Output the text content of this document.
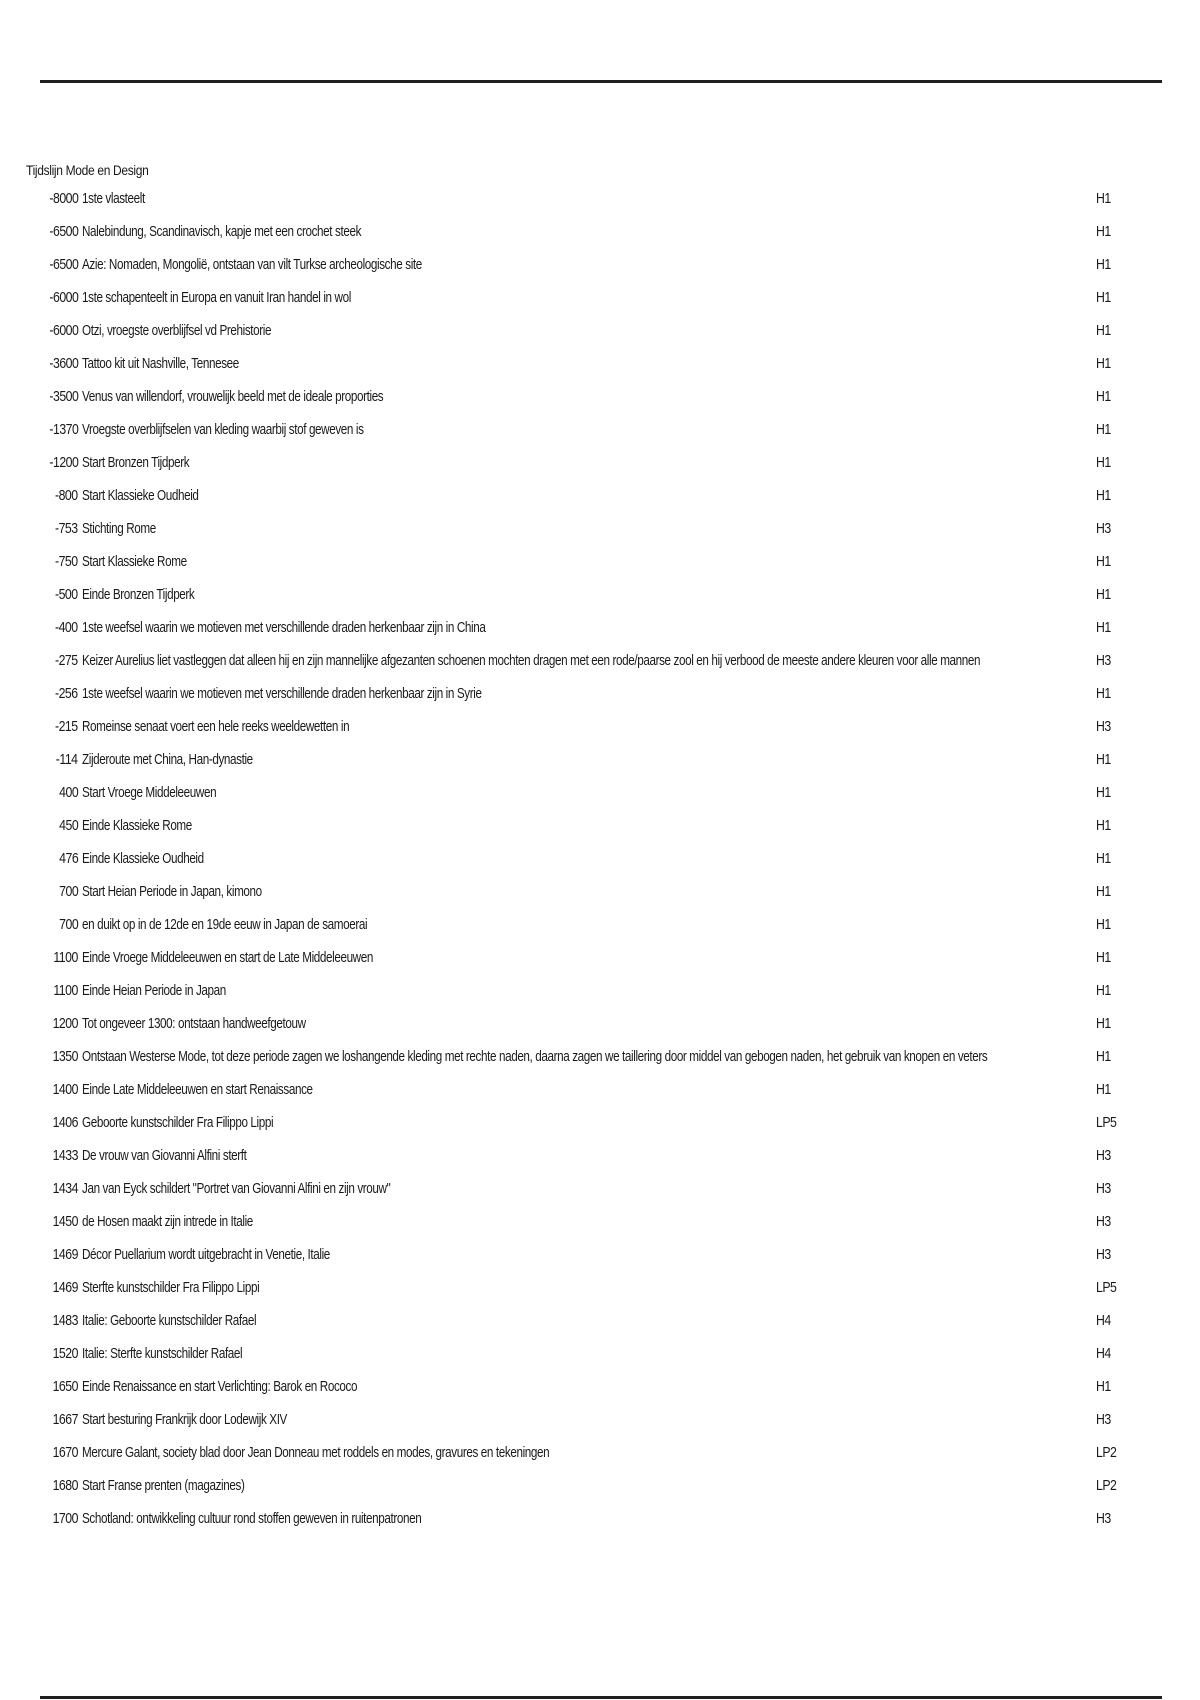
Tijdslijn Mode en Design
-8000 1ste vlasteelt	H1
-6500 Nalebindung, Scandinavisch, kapje met een crochet steek	H1
-6500 Azie: Nomaden, Mongolië, ontstaan van vilt Turkse archeologische site	H1
-6000 1ste schapenteelt in Europa en vanuit Iran handel in wol	H1
-6000 Otzi, vroegste overblijfsel vd Prehistorie	H1
-3600 Tattoo kit uit Nashville, Tennesee	H1
-3500 Venus van willendorf, vrouwelijk beeld met de ideale proporties	H1
-1370 Vroegste overblijfselen van kleding waarbij stof geweven is	H1
-1200 Start Bronzen Tijdperk	H1
-800 Start Klassieke Oudheid	H1
-753 Stichting Rome	H3
-750 Start Klassieke Rome	H1
-500 Einde Bronzen Tijdperk	H1
-400 1ste weefsel waarin we motieven met verschillende draden herkenbaar zijn in China	H1
-275 Keizer Aurelius liet vastleggen dat alleen hij en zijn mannelijke afgezanten schoenen mochten dragen met een rode/paarse zool en hij verbood de meeste andere kleuren voor alle mannen	H3
-256 1ste weefsel waarin we motieven met verschillende draden herkenbaar zijn in Syrie	H1
-215 Romeinse senaat voert een hele reeks weeldewetten in	H3
-114 Zijderoute met China, Han-dynastie	H1
400 Start Vroege Middeleeuwen	H1
450 Einde Klassieke Rome	H1
476 Einde Klassieke Oudheid	H1
700 Start Heian Periode in Japan, kimono	H1
700 en duikt op in de 12de en 19de eeuw in Japan de samoerai	H1
1100 Einde Vroege Middeleeuwen en start de Late Middeleeuwen	H1
1100 Einde Heian Periode in Japan	H1
1200 Tot ongeveer 1300: ontstaan handweefgetouw	H1
1350 Ontstaan Westerse Mode, tot deze periode zagen we loshangende kleding met rechte naden, daarna zagen we taillering door middel van gebogen naden, het gebruik van knopen en veters	H1
1400 Einde Late Middeleeuwen en start Renaissance	H1
1406 Geboorte kunstschilder Fra Filippo Lippi	LP5
1433 De vrouw van Giovanni Alfini sterft	H3
1434 Jan van Eyck schildert "Portret van Giovanni Alfini en zijn vrouw"	H3
1450 de Hosen maakt zijn intrede in Italie	H3
1469 Décor Puellarium wordt uitgebracht in Venetie, Italie	H3
1469 Sterfte kunstschilder Fra Filippo Lippi	LP5
1483 Italie: Geboorte kunstschilder Rafael	H4
1520 Italie: Sterfte kunstschilder Rafael	H4
1650 Einde Renaissance en start Verlichting: Barok en Rococo	H1
1667 Start besturing Frankrijk door Lodewijk XIV	H3
1670 Mercure Galant, society blad door Jean Donneau met roddels en modes, gravures en tekeningen	LP2
1680 Start Franse prenten (magazines)	LP2
1700 Schotland: ontwikkeling cultuur rond stoffen geweven in ruitenpatronen	H3
